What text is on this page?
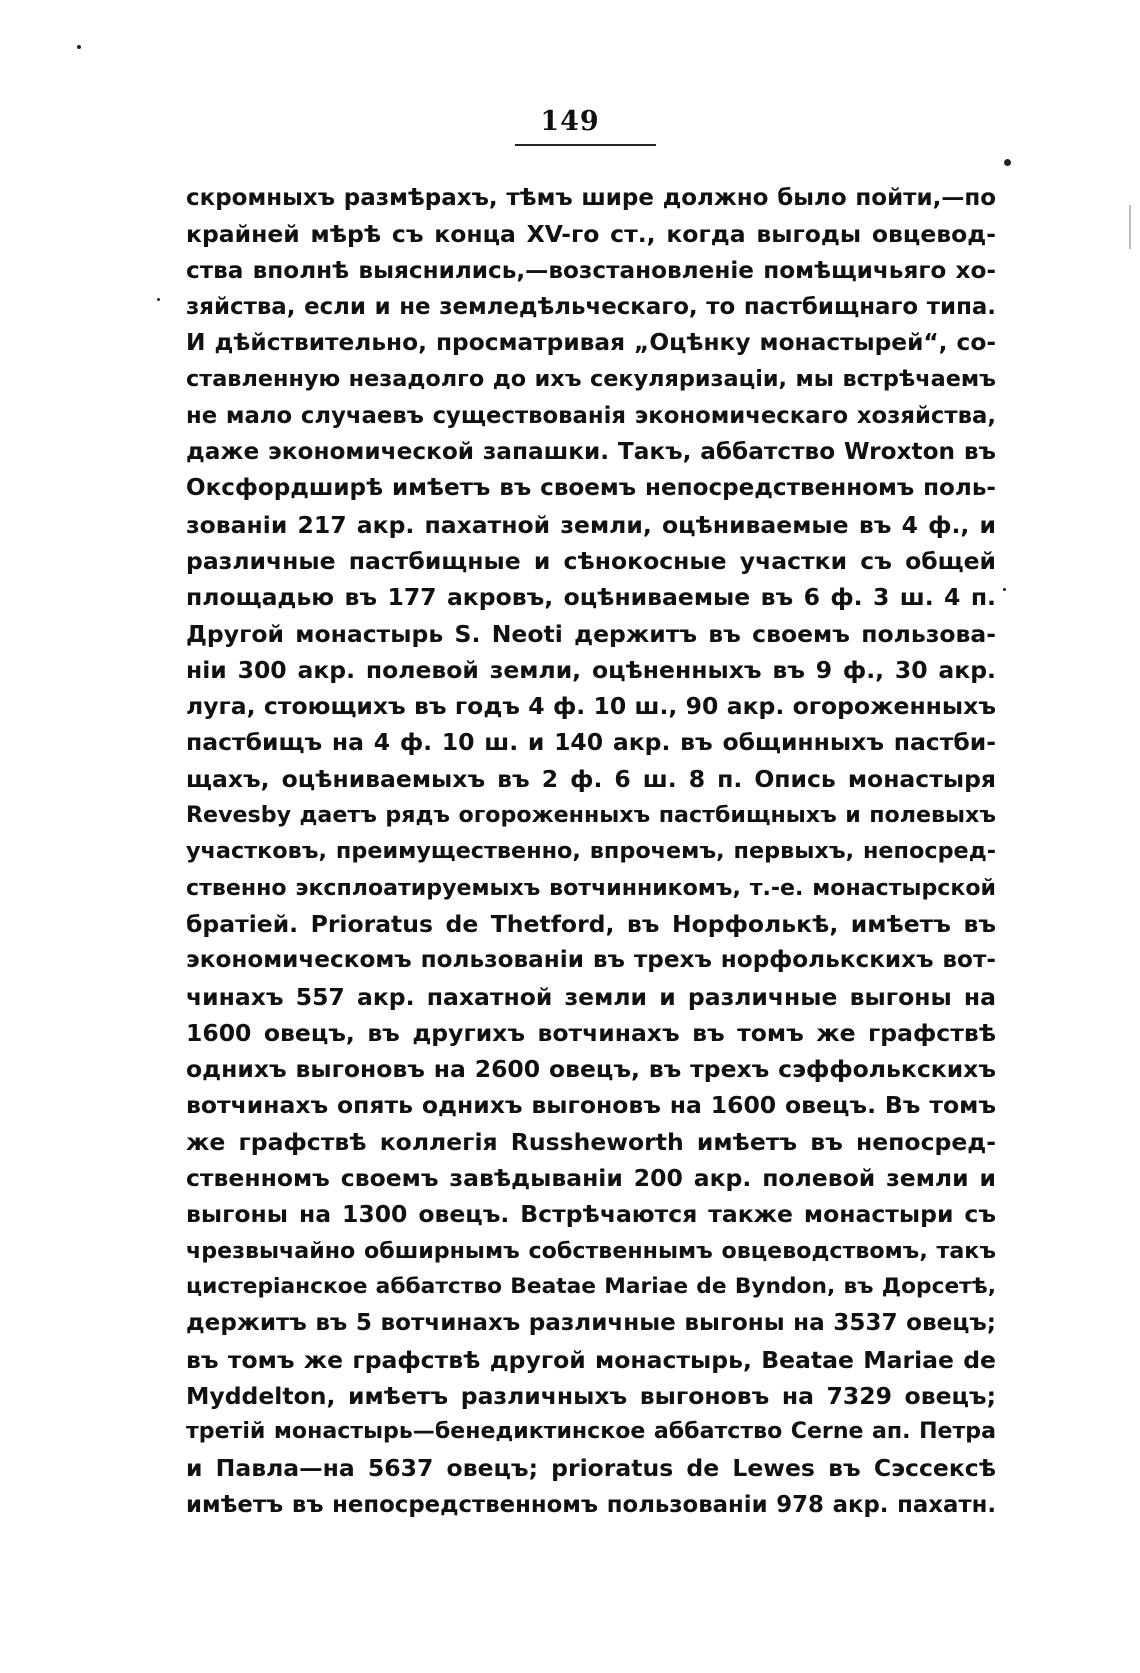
149
скромныхъ размѣрахъ, тѣмъ шире должно было пойти,—по
крайней мѣрѣ съ конца XV-го ст., когда выгоды овцевод-
ства вполнѣ выяснились,—возстановленіе помѣщичьяго хо-
зяйства, если и не земледѣльческаго, то пастбищнаго типа.
И дѣйствительно, просматривая „Оцѣнку монастырей“, со-
ставленную незадолго до ихъ секуляризаціи, мы встрѣчаемъ
не мало случаевъ существованія экономическаго хозяйства,
даже экономической запашки. Такъ, аббатство Wroxton въ
Оксфордширѣ имѣетъ въ своемъ непосредственномъ поль-
зованіи 217 акр. пахатной земли, оцѣниваемые въ 4 ф., и
различные пастбищные и сѣнокосные участки съ общей
площадью въ 177 акровъ, оцѣниваемые въ 6 ф. 3 ш. 4 п.
Другой монастырь S. Neoti держитъ въ своемъ пользова-
ніи 300 акр. полевой земли, оцѣненныхъ въ 9 ф., 30 акр.
луга, стоющихъ въ годъ 4 ф. 10 ш., 90 акр. огороженныхъ
пастбищъ на 4 ф. 10 ш. и 140 акр. въ общинныхъ пастби-
щахъ, оцѣниваемыхъ въ 2 ф. 6 ш. 8 п. Опись монастыря
Revesby даетъ рядъ огороженныхъ пастбищныхъ и полевыхъ
участковъ, преимущественно, впрочемъ, первыхъ, непосред-
ственно эксплоатируемыхъ вотчинникомъ, т.-е. монастырской
братіей. Prioratus de Thetford, въ Норфолькѣ, имѣетъ въ
экономическомъ пользованіи въ трехъ норфолькскихъ вот-
чинахъ 557 акр. пахатной земли и различные выгоны на
1600 овецъ, въ другихъ вотчинахъ въ томъ же графствѣ
однихъ выгоновъ на 2600 овецъ, въ трехъ сэффолькскихъ
вотчинахъ опять однихъ выгоновъ на 1600 овецъ. Въ томъ
же графствѣ коллегія Russheworth имѣетъ въ непосред-
ственномъ своемъ завѣдываніи 200 акр. полевой земли и
выгоны на 1300 овецъ. Встрѣчаются также монастыри съ
чрезвычайно обширнымъ собственнымъ овцеводствомъ, такъ
цистеріанское аббатство Beatae Mariae de Byndon, въ Дорсетѣ,
держитъ въ 5 вотчинахъ различные выгоны на 3537 овецъ;
въ томъ же графствѣ другой монастырь, Beatae Mariae de
Myddelton, имѣетъ различныхъ выгоновъ на 7329 овецъ;
третій монастырь—бенедиктинское аббатство Cerne ап. Петра
и Павла—на 5637 овецъ; prioratus de Lewes въ Сэссексѣ
имѣетъ въ непосредственномъ пользованіи 978 акр. пахатн.
